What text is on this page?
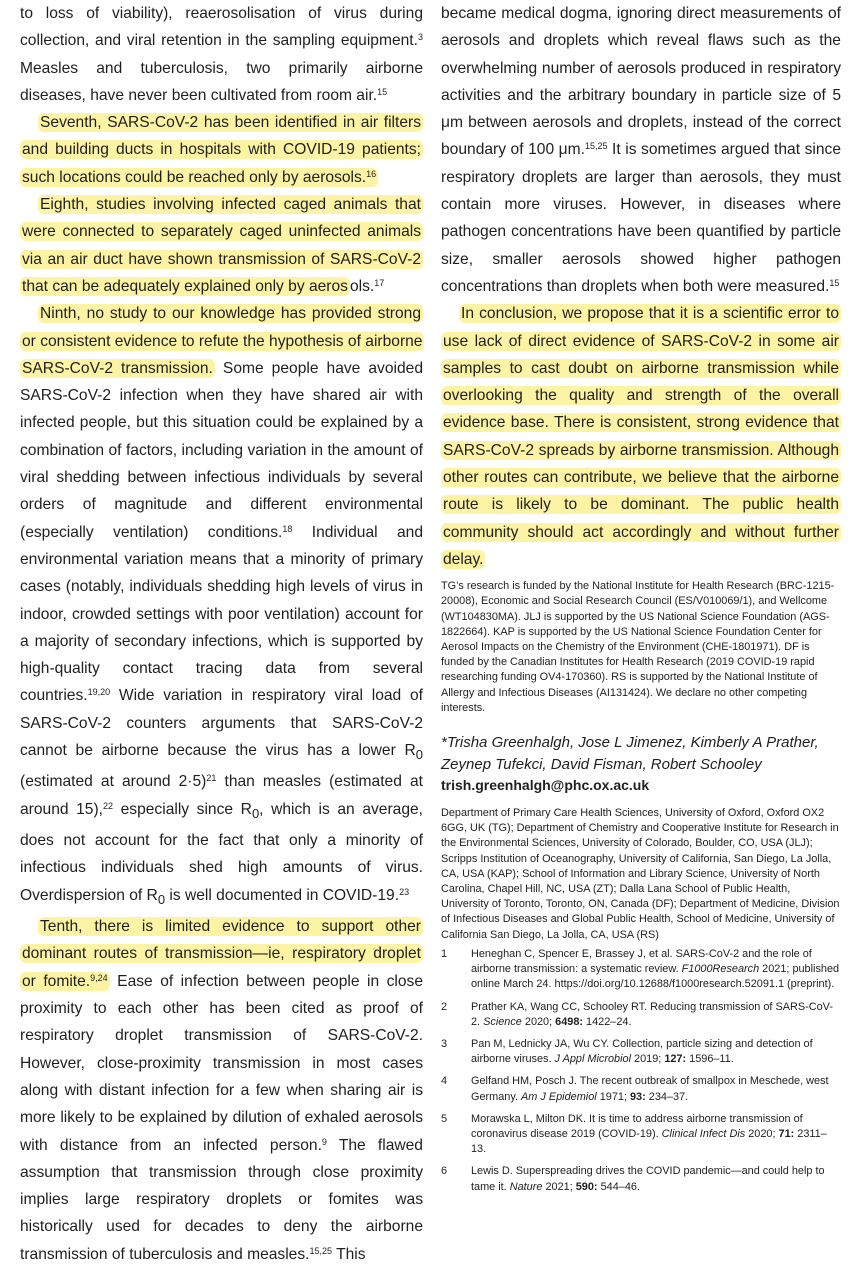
to loss of viability), reaerosolisation of virus during collection, and viral retention in the sampling equipment.$^3$ Measles and tuberculosis, two primarily airborne diseases, have never been cultivated from room air.$^{15}$

Seventh, SARS-CoV-2 has been identified in air filters and building ducts in hospitals with COVID-19 patients; such locations could be reached only by aerosols.$^{16}$

Eighth, studies involving infected caged animals that were connected to separately caged uninfected animals via an air duct have shown transmission of SARS-CoV-2 that can be adequately explained only by aeros ols.$^{17}$

Ninth, no study to our knowledge has provided strong or consistent evidence to refute the hypothesis of airborne SARS-CoV-2 transmission. Some people have avoided SARS-CoV-2 infection when they have shared air with infected people, but this situation could be explained by a combination of factors, including variation in the amount of viral shedding between infectious individuals by several orders of magnitude and different environmental (especially ventilation) conditions.$^{18}$ Individual and environmental variation means that a minority of primary cases (notably, individuals shedding high levels of virus in indoor, crowded settings with poor ventilation) account for a majority of secondary infections, which is supported by high-quality contact tracing data from several countries.$^{19,20}$ Wide variation in respiratory viral load of SARS-CoV-2 counters arguments that SARS-CoV-2 cannot be airborne because the virus has a lower $R_0$ (estimated at around 2·5)$^{21}$ than measles (estimated at around 15),$^{22}$ especially since $R_0$, which is an average, does not account for the fact that only a minority of infectious individuals shed high amounts of virus. Overdispersion of $R_0$ is well documented in COVID-19.23

Tenth, there is limited evidence to support other dominant routes of transmission—ie, respiratory droplet or fomite.$^{9,24}$ Ease of infection between people in close proximity to each other has been cited as proof of respiratory droplet transmission of SARS-CoV-2. However, close-proximity transmission in most cases along with distant infection for a few when sharing air is more likely to be explained by dilution of exhaled aerosols with distance from an infected person.$^9$ The flawed assumption that transmission through close proximity implies large respiratory droplets or fomites was historically used for decades to deny the airborne transmission of tuberculosis and measles.$^{15,25}$ This

became medical dogma, ignoring direct measurements of aerosols and droplets which reveal flaws such as the overwhelming number of aerosols produced in respiratory activities and the arbitrary boundary in particle size of 5 μm between aerosols and droplets, instead of the correct boundary of 100 μm.$^{15,25}$ It is sometimes argued that since respiratory droplets are larger than aerosols, they must contain more viruses. However, in diseases where pathogen concentrations have been quantified by particle size, smaller aerosols showed higher pathogen concentrations than droplets when both were measured.$^{15}$

In conclusion, we propose that it is a scientific error to use lack of direct evidence of SARS-CoV-2 in some air samples to cast doubt on airborne transmission while overlooking the quality and strength of the overall evidence base. There is consistent, strong evidence that SARS-CoV-2 spreads by airborne transmission. Although other routes can contribute, we believe that the airborne route is likely to be dominant. The public health community should act accordingly and without further delay.

TG’s research is funded by the National Institute for Health Research (BRC-1215-20008), Economic and Social Research Council (ES/V010069/1), and Wellcome (WT104830MA). JLJ is supported by the US National Science Foundation (AGS-1822664). KAP is supported by the US National Science Foundation Center for Aerosol Impacts on the Chemistry of the Environment (CHE-1801971). DF is funded by the Canadian Institutes for Health Research (2019 COVID-19 rapid researching funding OV4-170360). RS is supported by the National Institute of Allergy and Infectious Diseases (AI131424). We declare no other competing interests.

*Trisha Greenhalgh, Jose L Jimenez, Kimberly A Prather, Zeynep Tufekci, David Fisman, Robert Schooley

trish.greenhalgh@phc.ox.ac.uk

Department of Primary Care Health Sciences, University of Oxford, Oxford OX2 6GG, UK (TG); Department of Chemistry and Cooperative Institute for Research in the Environmental Sciences, University of Colorado, Boulder, CO, USA (JLJ); Scripps Institution of Oceanography, University of California, San Diego, La Jolla, CA, USA (KAP); School of Information and Library Science, University of North Carolina, Chapel Hill, NC, USA (ZT); Dalla Lana School of Public Health, University of Toronto, Toronto, ON, Canada (DF); Department of Medicine, Division of Infectious Diseases and Global Public Health, School of Medicine, University of California San Diego, La Jolla, CA, USA (RS)

1 Heneghan C, Spencer E, Brassey J, et al. SARS-CoV-2 and the role of airborne transmission: a systematic review. F1000Research 2021; published online March 24. https://doi.org/10.12688/f1000research.52091.1 (preprint).
2 Prather KA, Wang CC, Schooley RT. Reducing transmission of SARS-CoV-2. Science 2020; 6498: 1422–24.
3 Pan M, Lednicky JA, Wu CY. Collection, particle sizing and detection of airborne viruses. J Appl Microbiol 2019; 127: 1596–11.
4 Gelfand HM, Posch J. The recent outbreak of smallpox in Meschede, west Germany. Am J Epidemiol 1971; 93: 234–37.
5 Morawska L, Milton DK. It is time to address airborne transmission of coronavirus disease 2019 (COVID-19). Clinical Infect Dis 2020; 71: 2311–13.
6 Lewis D. Superspreading drives the COVID pandemic—and could help to tame it. Nature 2021; 590: 544–46.
